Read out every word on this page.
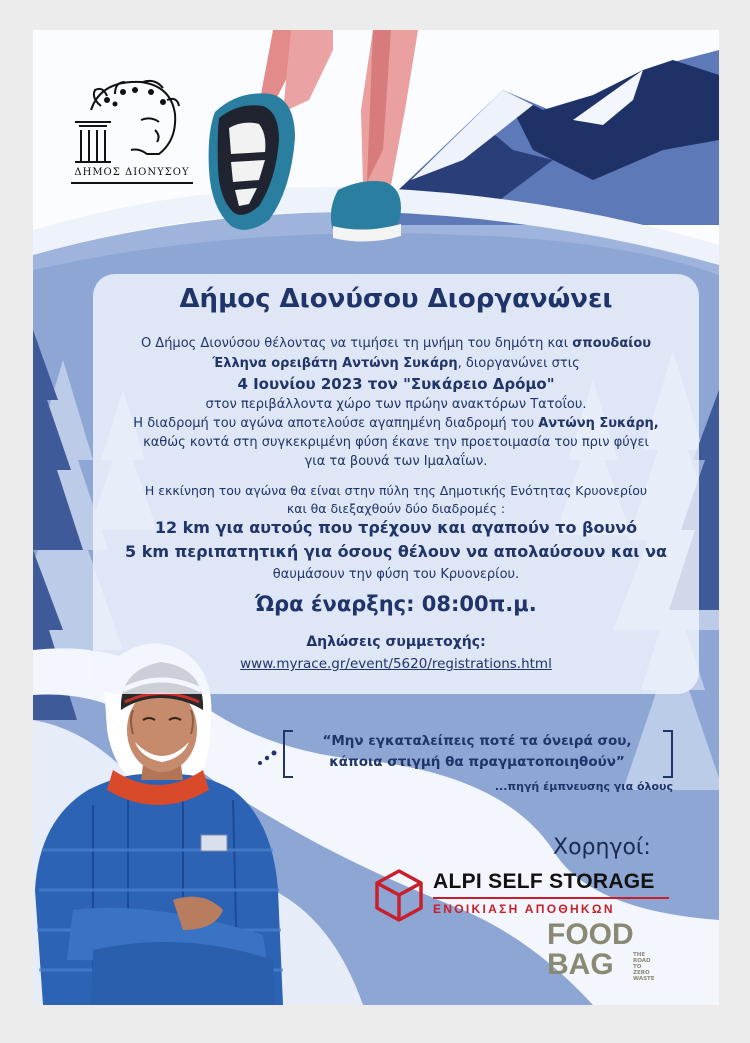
ΔΗΜΟΣ ΔΙΟΝΥΣΟΥ
Δήμος Διονύσου Διοργανώνει

Ο Δήμος Διονύσου θέλοντας να τιμήσει τη μνήμη του δημότη και σπουδαίου

Έλληνα ορειβάτη Αντώνη Συκάρη, διοργανώνει στις

4 Ιουνίου 2023 τον "Συκάρειο Δρόμο"

στον περιβάλλοντα χώρο των πρώην ανακτόρων Τατοΐου.

Η διαδρομή του αγώνα αποτελούσε αγαπημένη διαδρομή του Αντώνη Συκάρη,

καθώς κοντά στη συγκεκριμένη φύση έκανε την προετοιμασία του πριν φύγει

για τα βουνά των Ιμαλαΐων.

Η εκκίνηση του αγώνα θα είναι στην πύλη της Δημοτικής Ενότητας Κρυονερίου

και θα διεξαχθούν δύο διαδρομές :

12 km για αυτούς που τρέχουν και αγαπούν το βουνό

5 km περιπατητική για όσους θέλουν να απολαύσουν και να

θαυμάσουν την φύση του Κρυονερίου.

Ώρα έναρξης: 08:00π.μ.

Δηλώσεις συμμετοχής:

www.myrace.gr/event/5620/registrations.html

“Μην εγκαταλείπεις ποτέ τα όνειρά σου,
κάποια στιγμή θα πραγματοποιηθούν”
...πηγή έμπνευσης για όλους
Χορηγοί:
ALPI SELF STORAGE
ΕΝΟΙΚΙΑΣΗ ΑΠΟΘΗΚΩΝ
FOOD
BAG	THE
ROAD
TO
ZERO
WASTE
